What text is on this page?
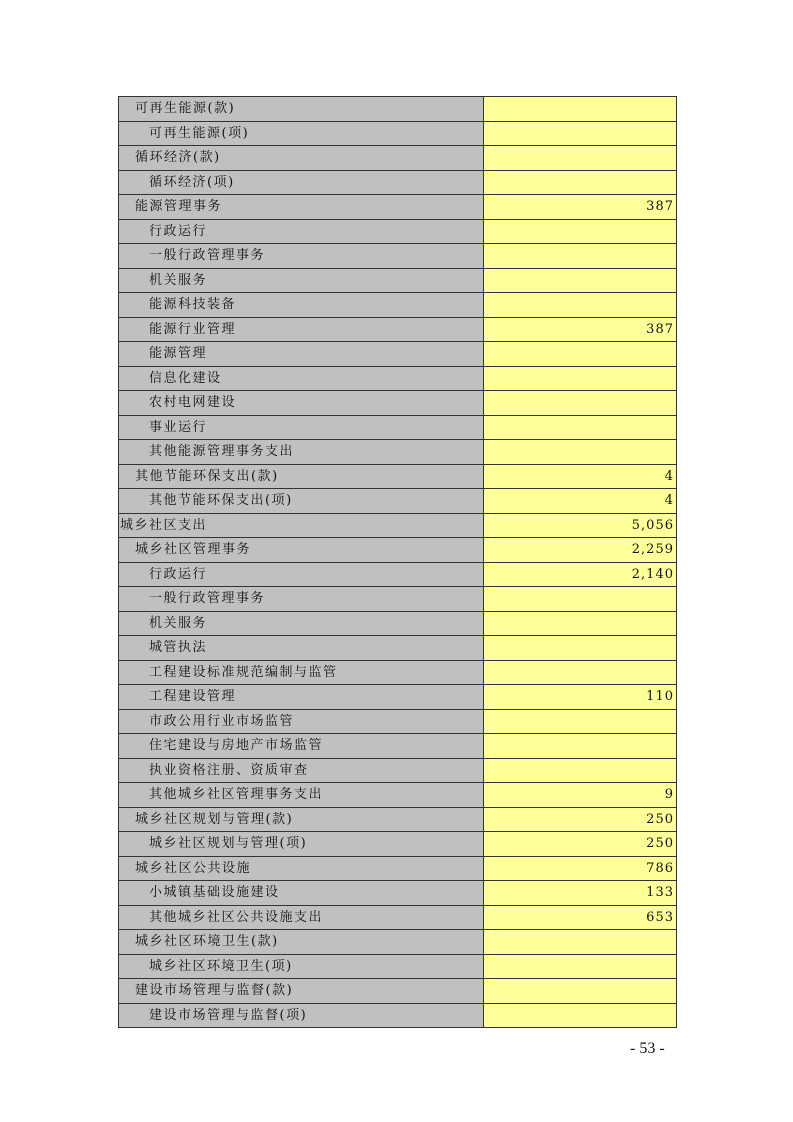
可再生能源(款)	
可再生能源(项)	
循环经济(款)	
循环经济(项)	
能源管理事务	387
行政运行	
一般行政管理事务	
机关服务	
能源科技装备	
能源行业管理	387
能源管理	
信息化建设	
农村电网建设	
事业运行	
其他能源管理事务支出	
其他节能环保支出(款)	4
其他节能环保支出(项)	4
城乡社区支出	5,056
城乡社区管理事务	2,259
行政运行	2,140
一般行政管理事务	
机关服务	
城管执法	
工程建设标准规范编制与监管	
工程建设管理	110
市政公用行业市场监管	
住宅建设与房地产市场监管	
执业资格注册、资质审查	
其他城乡社区管理事务支出	9
城乡社区规划与管理(款)	250
城乡社区规划与管理(项)	250
城乡社区公共设施	786
小城镇基础设施建设	133
其他城乡社区公共设施支出	653
城乡社区环境卫生(款)	
城乡社区环境卫生(项)	
建设市场管理与监督(款)	
建设市场管理与监督(项)	
- 53 -
